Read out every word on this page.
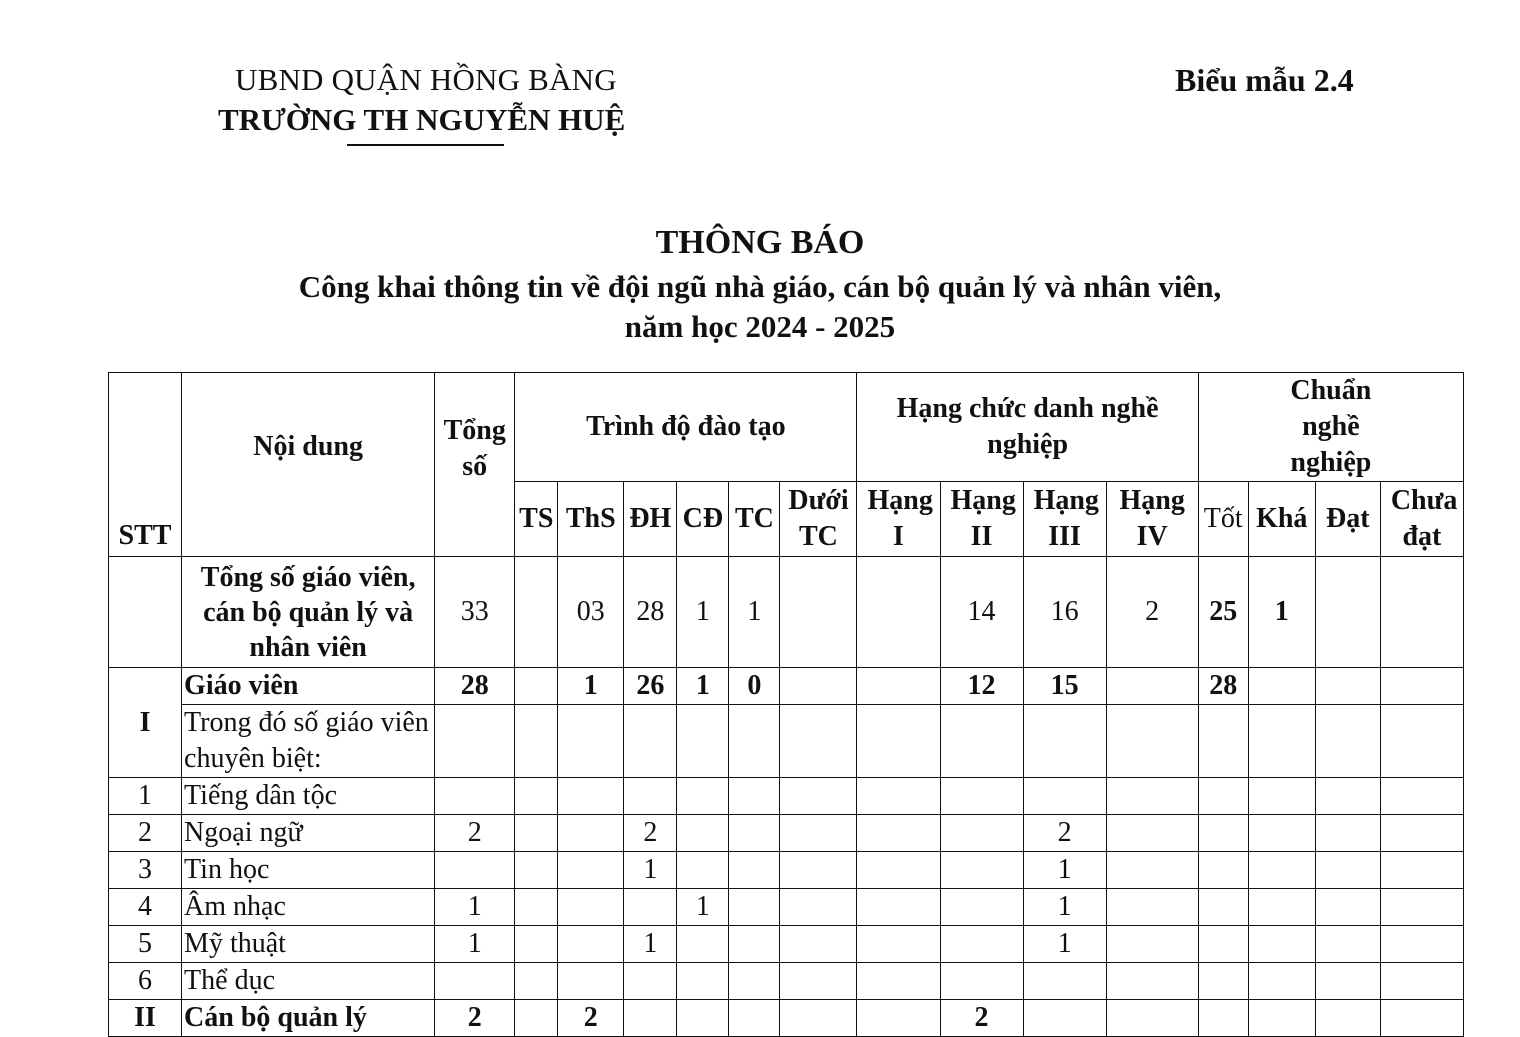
UBND QUẬN HỒNG BÀNG
TRƯỜNG TH NGUYỄN HUỆ
Biểu mẫu 2.4
THÔNG BÁO
Công khai thông tin về đội ngũ nhà giáo, cán bộ quản lý và nhân viên,
năm học 2024 - 2025
STT	Nội dung	Tổng số	Trình độ đào tạo						Hạng chức danh nghề nghiệp				Chuẩn nghề nghiệp			
			TS	ThS	ĐH	CĐ	TC	Dưới TC	Hạng I	Hạng II	Hạng III	Hạng IV	Tốt	Khá	Đạt	Chưa đạt
	Tổng số giáo viên, cán bộ quản lý và nhân viên	33		03	28	1	1			14	16	2	25	1		
I	Giáo viên	28		1	26	1	0			12	15		28			
	Trong đó số giáo viên chuyên biệt:															
1	Tiếng dân tộc															
2	Ngoại ngữ	2			2						2					
3	Tin học				1						1					
4	Âm nhạc	1				1					1					
5	Mỹ thuật	1			1						1					
6	Thể dục															
II	Cán bộ quản lý	2		2						2						
